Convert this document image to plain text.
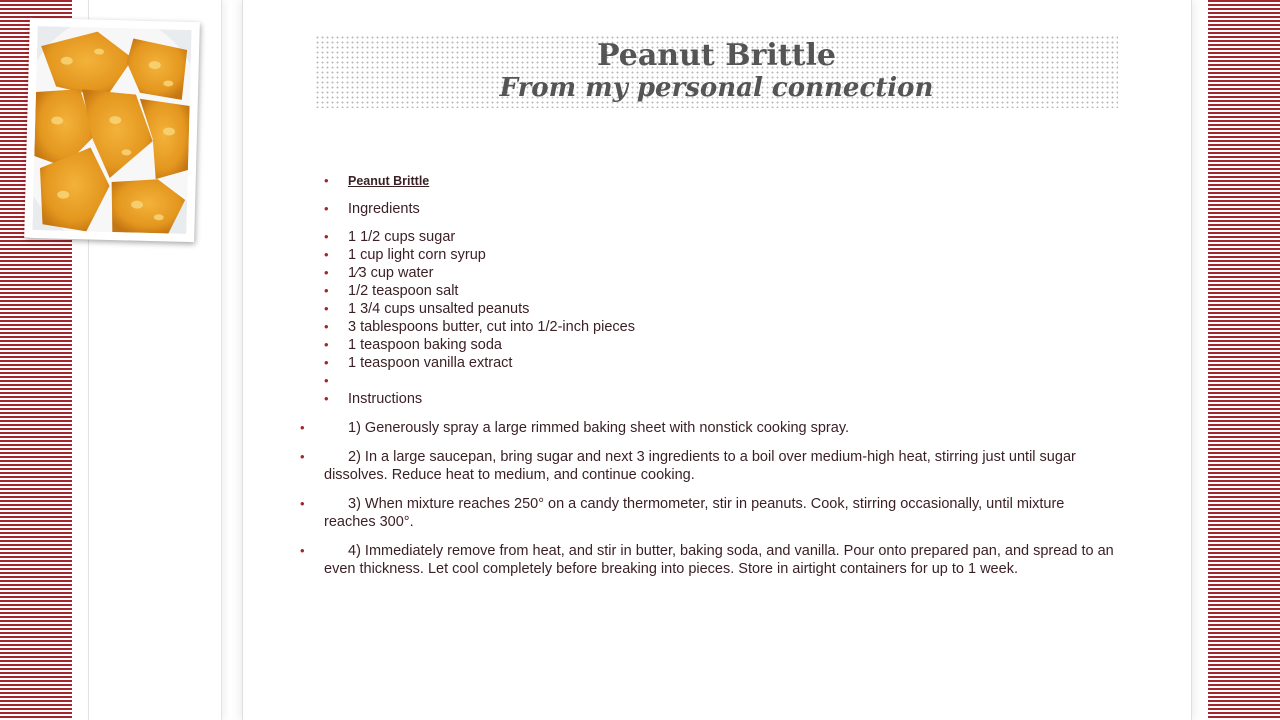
Peanut Brittle
From my personal connection
• Peanut Brittle
• Ingredients
• 1 1/2 cups sugar
• 1 cup light corn syrup
• 1⁄3 cup water
• 1/2 teaspoon salt
• 1 3/4 cups unsalted peanuts
• 3 tablespoons butter, cut into 1/2-inch pieces
• 1 teaspoon baking soda
• 1 teaspoon vanilla extract
•
• Instructions
• 1) Generously spray a large rimmed baking sheet with nonstick cooking spray.
• 2) In a large saucepan, bring sugar and next 3 ingredients to a boil over medium-high heat, stirring just until sugar dissolves. Reduce heat to medium, and continue cooking.
• 3) When mixture reaches 250° on a candy thermometer, stir in peanuts. Cook, stirring occasionally, until mixture reaches 300°.
• 4) Immediately remove from heat, and stir in butter, baking soda, and vanilla. Pour onto prepared pan, and spread to an even thickness. Let cool completely before breaking into pieces. Store in airtight containers for up to 1 week.
